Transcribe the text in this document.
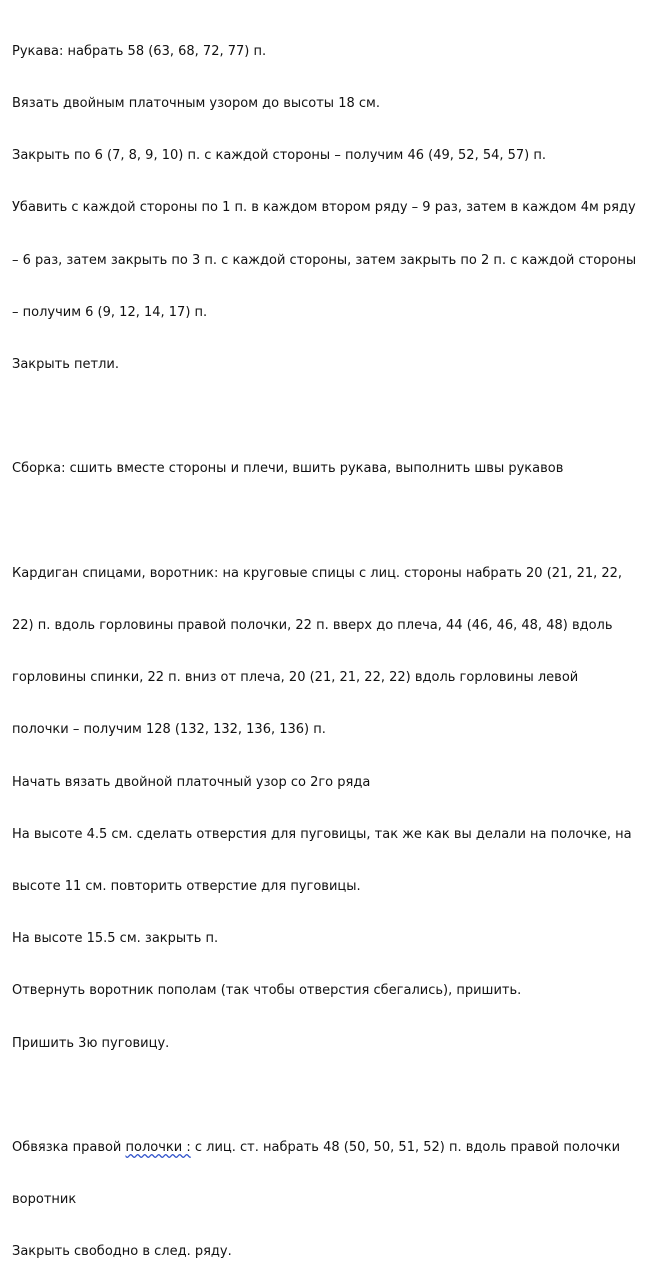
Рукава: набрать 58 (63, 68, 72, 77) п.

Вязать двойным платочным узором до высоты 18 см.

Закрыть по 6 (7, 8, 9, 10) п. с каждой стороны – получим 46 (49, 52, 54, 57) п.

Убавить с каждой стороны по 1 п. в каждом втором ряду – 9 раз, затем в каждом 4м ряду

– 6 раз, затем закрыть по 3 п. с каждой стороны, затем закрыть по 2 п. с каждой стороны

– получим 6 (9, 12, 14, 17) п.

Закрыть петли.

Сборка: сшить вместе стороны и плечи, вшить рукава, выполнить швы рукавов

Кардиган спицами, воротник: на круговые спицы с лиц. стороны набрать 20 (21, 21, 22,

22) п. вдоль горловины правой полочки, 22 п. вверх до плеча, 44 (46, 46, 48, 48) вдоль

горловины спинки, 22 п. вниз от плеча, 20 (21, 21, 22, 22) вдоль горловины левой

полочки – получим 128 (132, 132, 136, 136) п.

Начать вязать двойной платочный узор со 2го ряда

На высоте 4.5 см. сделать отверстия для пуговицы, так же как вы делали на полочке, на

высоте 11 см. повторить отверстие для пуговицы.

На высоте 15.5 см. закрыть п.

Отвернуть воротник пополам (так чтобы отверстия сбегались), пришить.

Пришить 3ю пуговицу.

Обвязка правой полочки : с лиц. ст. набрать 48 (50, 50, 51, 52) п. вдоль правой полочки

воротник

Закрыть свободно в след. ряду.
